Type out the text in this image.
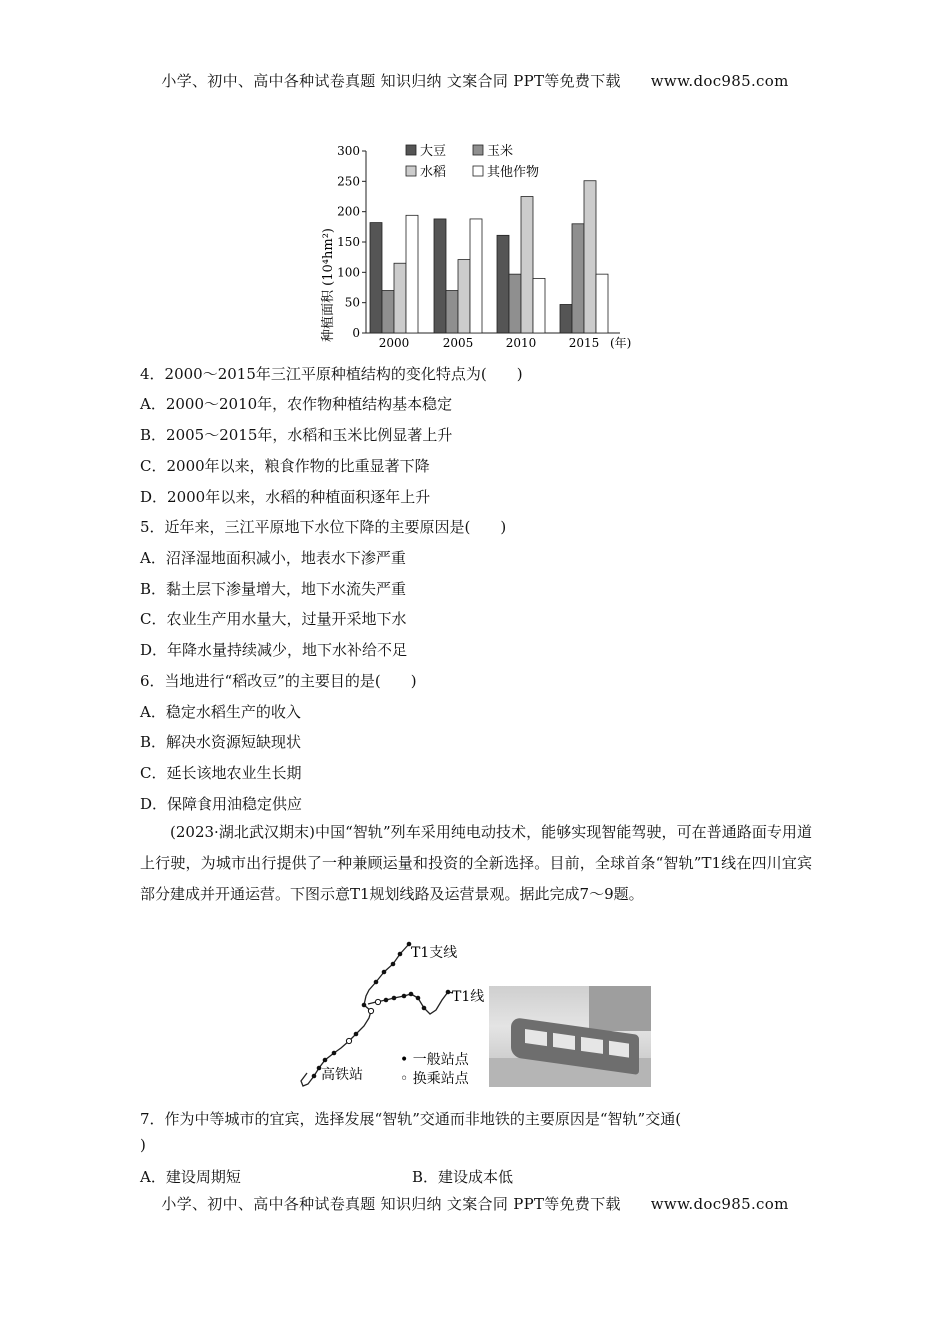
小学、初中、高中各种试卷真题 知识归纳 文案合同 PPT等免费下载 www.doc985.com
0
50
100
150
200
250
300
2000	2005	2010	2015 (年)
大豆	玉米
水稻	其他作物
种植面积 (10⁴hm²)
4．2000～2015年三江平原种植结构的变化特点为(　　)
A．2000～2010年，农作物种植结构基本稳定
B．2005～2015年，水稻和玉米比例显著上升
C．2000年以来，粮食作物的比重显著下降
D．2000年以来，水稻的种植面积逐年上升
5．近年来，三江平原地下水位下降的主要原因是(　　)
A．沼泽湿地面积减小，地表水下渗严重
B．黏土层下渗量增大，地下水流失严重
C．农业生产用水量大，过量开采地下水
D．年降水量持续减少，地下水补给不足
6．当地进行“稻改豆”的主要目的是(　　)
A．稳定水稻生产的收入
B．解决水资源短缺现状
C．延长该地农业生长期
D．保障食用油稳定供应
(2023·湖北武汉期末)中国“智轨”列车采用纯电动技术，能够实现智能驾驶，可在普通路面专用道上行驶，为城市出行提供了一种兼顾运量和投资的全新选择。目前，全球首条“智轨”T1线在四川宜宾部分建成并开通运营。下图示意T1规划线路及运营景观。据此完成7～9题。
T1支线
T1线
高铁站
• 一般站点
◦ 换乘站点
7．作为中等城市的宜宾，选择发展“智轨”交通而非地铁的主要原因是“智轨”交通(
)
A．建设周期短	B．建设成本低
小学、初中、高中各种试卷真题 知识归纳 文案合同 PPT等免费下载 www.doc985.com
